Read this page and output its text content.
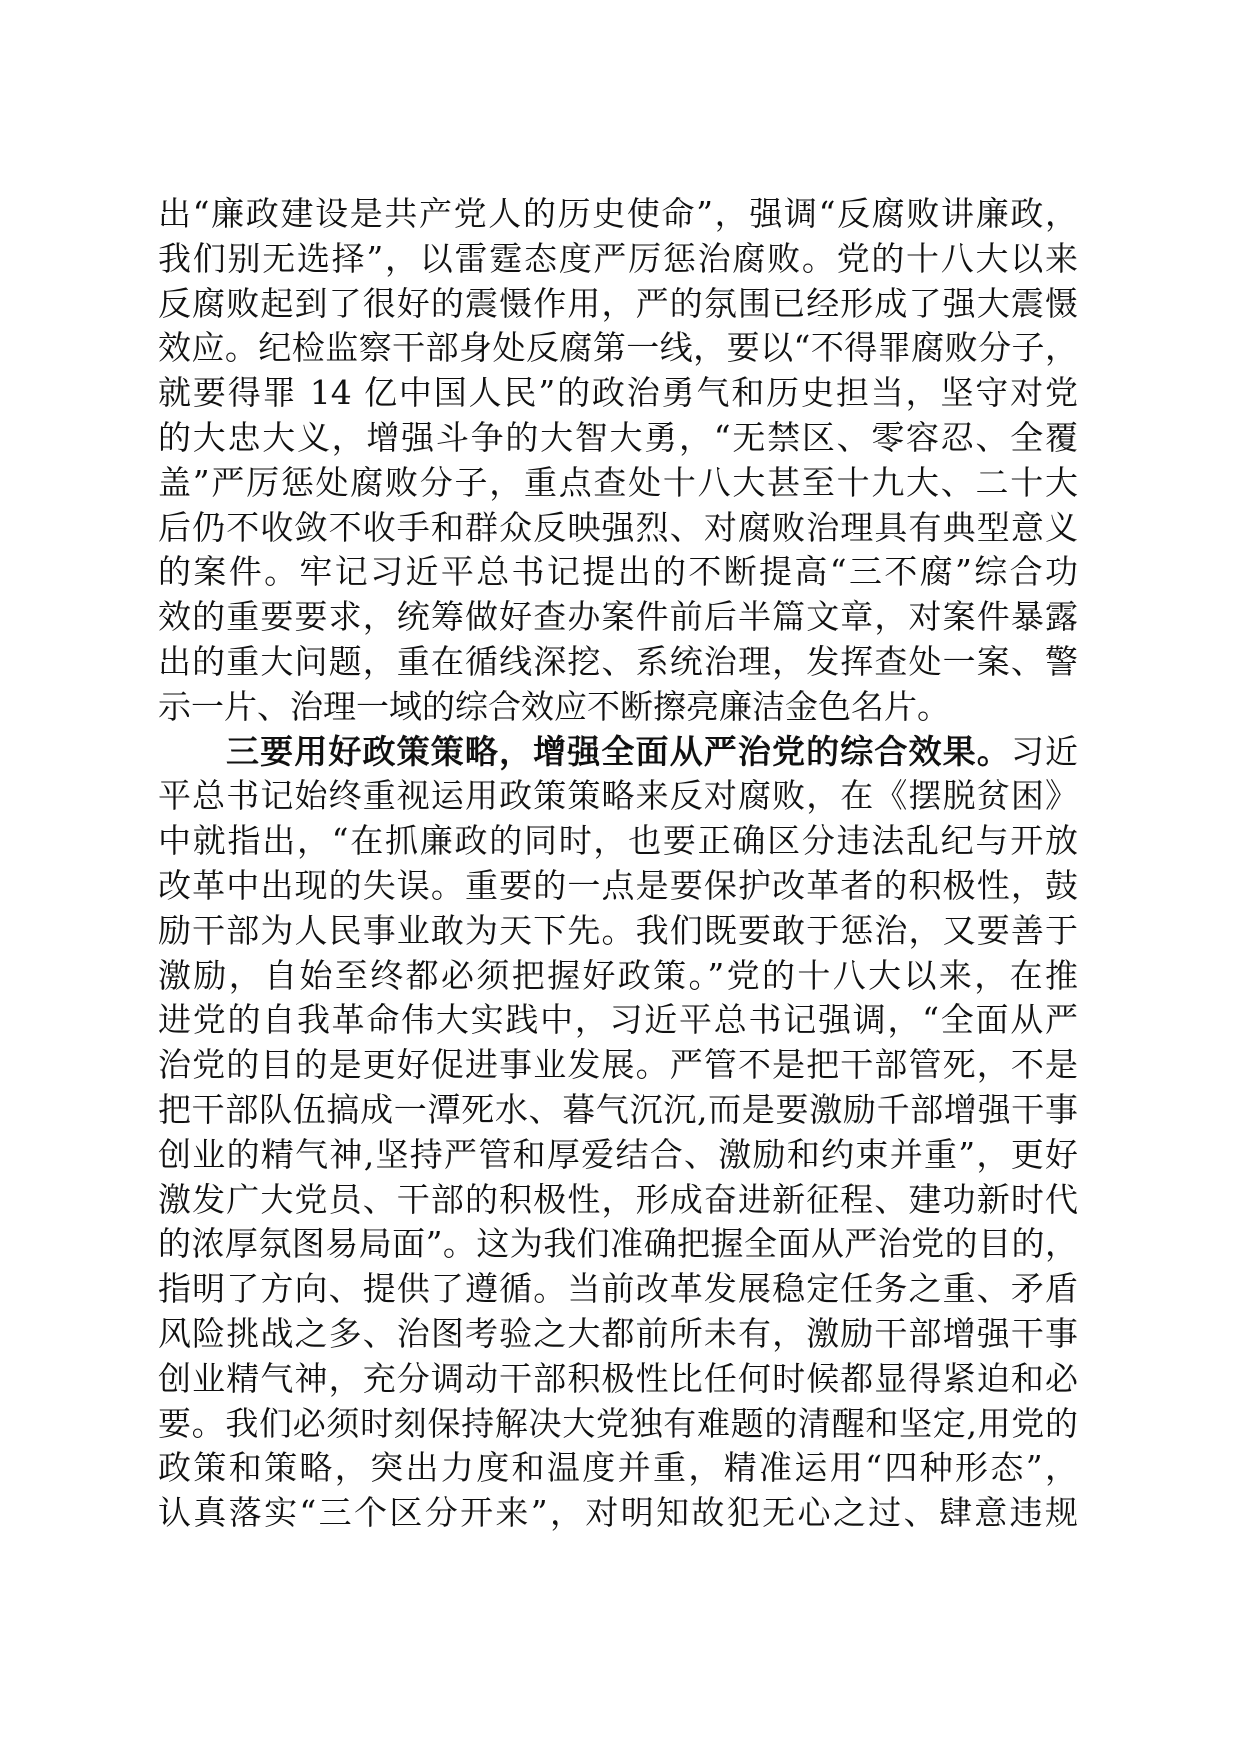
出“廉政建设是共产党人的历史使命”，强调“反腐败讲廉政，
我们别无选择”，以雷霆态度严厉惩治腐败。党的十八大以来
反腐败起到了很好的震慑作用，严的氛围已经形成了强大震慑
效应。纪检监察干部身处反腐第一线，要以“不得罪腐败分子，
就要得罪 14 亿中国人民”的政治勇气和历史担当，坚守对党
的大忠大义，增强斗争的大智大勇，“无禁区、零容忍、全覆
盖”严厉惩处腐败分子，重点查处十八大甚至十九大、二十大
后仍不收敛不收手和群众反映强烈、对腐败治理具有典型意义
的案件。牢记习近平总书记提出的不断提高“三不腐”综合功
效的重要要求，统筹做好查办案件前后半篇文章，对案件暴露
出的重大问题，重在循线深挖、系统治理，发挥查处一案、警
示一片、治理一域的综合效应不断擦亮廉洁金色名片。
三要用好政策策略，增强全面从严治党的综合效果。习近
平总书记始终重视运用政策策略来反对腐败，在《摆脱贫困》
中就指出，“在抓廉政的同时，也要正确区分违法乱纪与开放
改革中出现的失误。重要的一点是要保护改革者的积极性，鼓
励干部为人民事业敢为天下先。我们既要敢于惩治，又要善于
激励，自始至终都必须把握好政策。”党的十八大以来，在推
进党的自我革命伟大实践中，习近平总书记强调，“全面从严
治党的目的是更好促进事业发展。严管不是把干部管死，不是
把干部队伍搞成一潭死水、暮气沉沉,而是要激励千部增强干事
创业的精气神,坚持严管和厚爱结合、激励和约束并重”，更好
激发广大党员、干部的积极性，形成奋进新征程、建功新时代
的浓厚氛图易局面”。这为我们准确把握全面从严治党的目的，
指明了方向、提供了遵循。当前改革发展稳定任务之重、矛盾
风险挑战之多、治图考验之大都前所未有，激励干部增强干事
创业精气神，充分调动干部积极性比任何时候都显得紧迫和必
要。我们必须时刻保持解决大党独有难题的清醒和坚定,用党的
政策和策略，突出力度和温度并重，精准运用“四种形态”，
认真落实“三个区分开来”，对明知故犯无心之过、肆意违规
